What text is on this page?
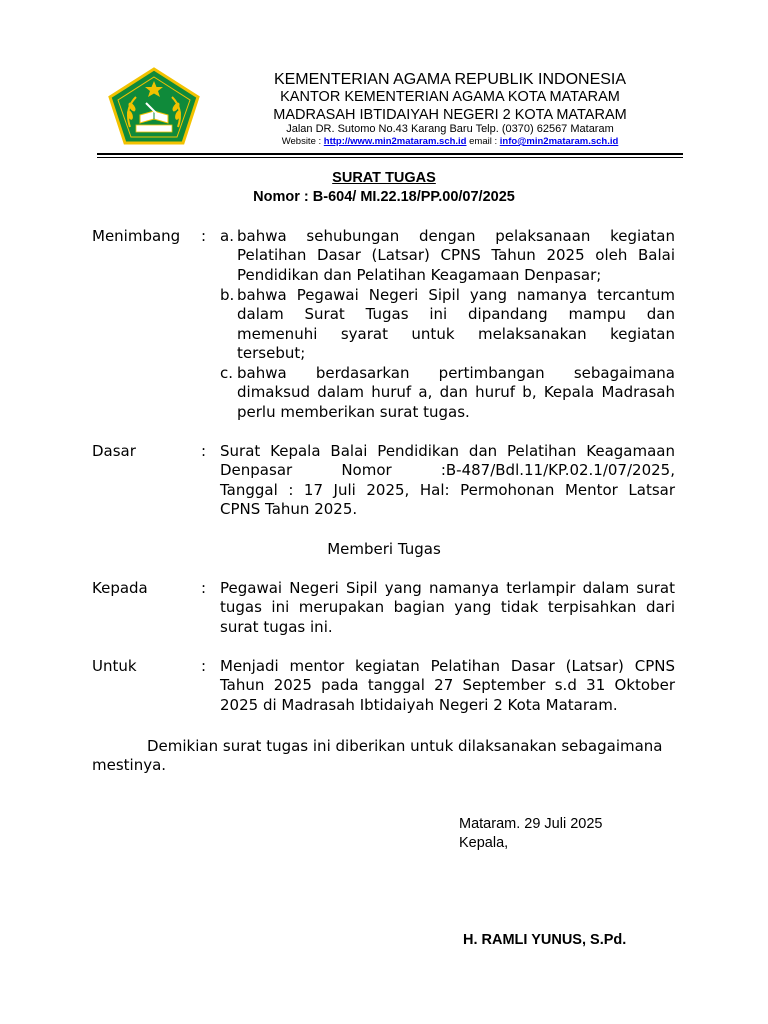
KEMENTERIAN AGAMA REPUBLIK INDONESIA
KANTOR KEMENTERIAN AGAMA KOTA MATARAM
MADRASAH IBTIDAIYAH NEGERI 2 KOTA MATARAM
Jalan DR. Sutomo No.43 Karang Baru Telp. (0370) 62567 Mataram
Website : http://www.min2mataram.sch.id email : info@min2mataram.sch.id
SURAT TUGAS
Nomor : B-604/ MI.22.18/PP.00/07/2025
Menimbang : a. bahwa sehubungan dengan pelaksanaan kegiatan
Pelatihan Dasar (Latsar) CPNS Tahun 2025 oleh Balai
Pendidikan dan Pelatihan Keagamaan Denpasar;
b. bahwa Pegawai Negeri Sipil yang namanya tercantum
dalam Surat Tugas ini dipandang mampu dan
memenuhi syarat untuk melaksanakan kegiatan
tersebut;
c. bahwa berdasarkan pertimbangan sebagaimana
dimaksud dalam huruf a, dan huruf b, Kepala Madrasah
perlu memberikan surat tugas.
Dasar	: Surat Kepala Balai Pendidikan dan Pelatihan Keagamaan
Denpasar Nomor :B-487/Bdl.11/KP.02.1/07/2025,
Tanggal : 17 Juli 2025, Hal: Permohonan Mentor Latsar
CPNS Tahun 2025.
Memberi Tugas
Kepada	: Pegawai Negeri Sipil yang namanya terlampir dalam surat
tugas ini merupakan bagian yang tidak terpisahkan dari
surat tugas ini.
Untuk	: Menjadi mentor kegiatan Pelatihan Dasar (Latsar) CPNS
Tahun 2025 pada tanggal 27 September s.d 31 Oktober
2025 di Madrasah Ibtidaiyah Negeri 2 Kota Mataram.
Demikian surat tugas ini diberikan untuk dilaksanakan sebagaimana
mestinya.
Mataram. 29 Juli 2025
Kepala,
H. RAMLI YUNUS, S.Pd.
